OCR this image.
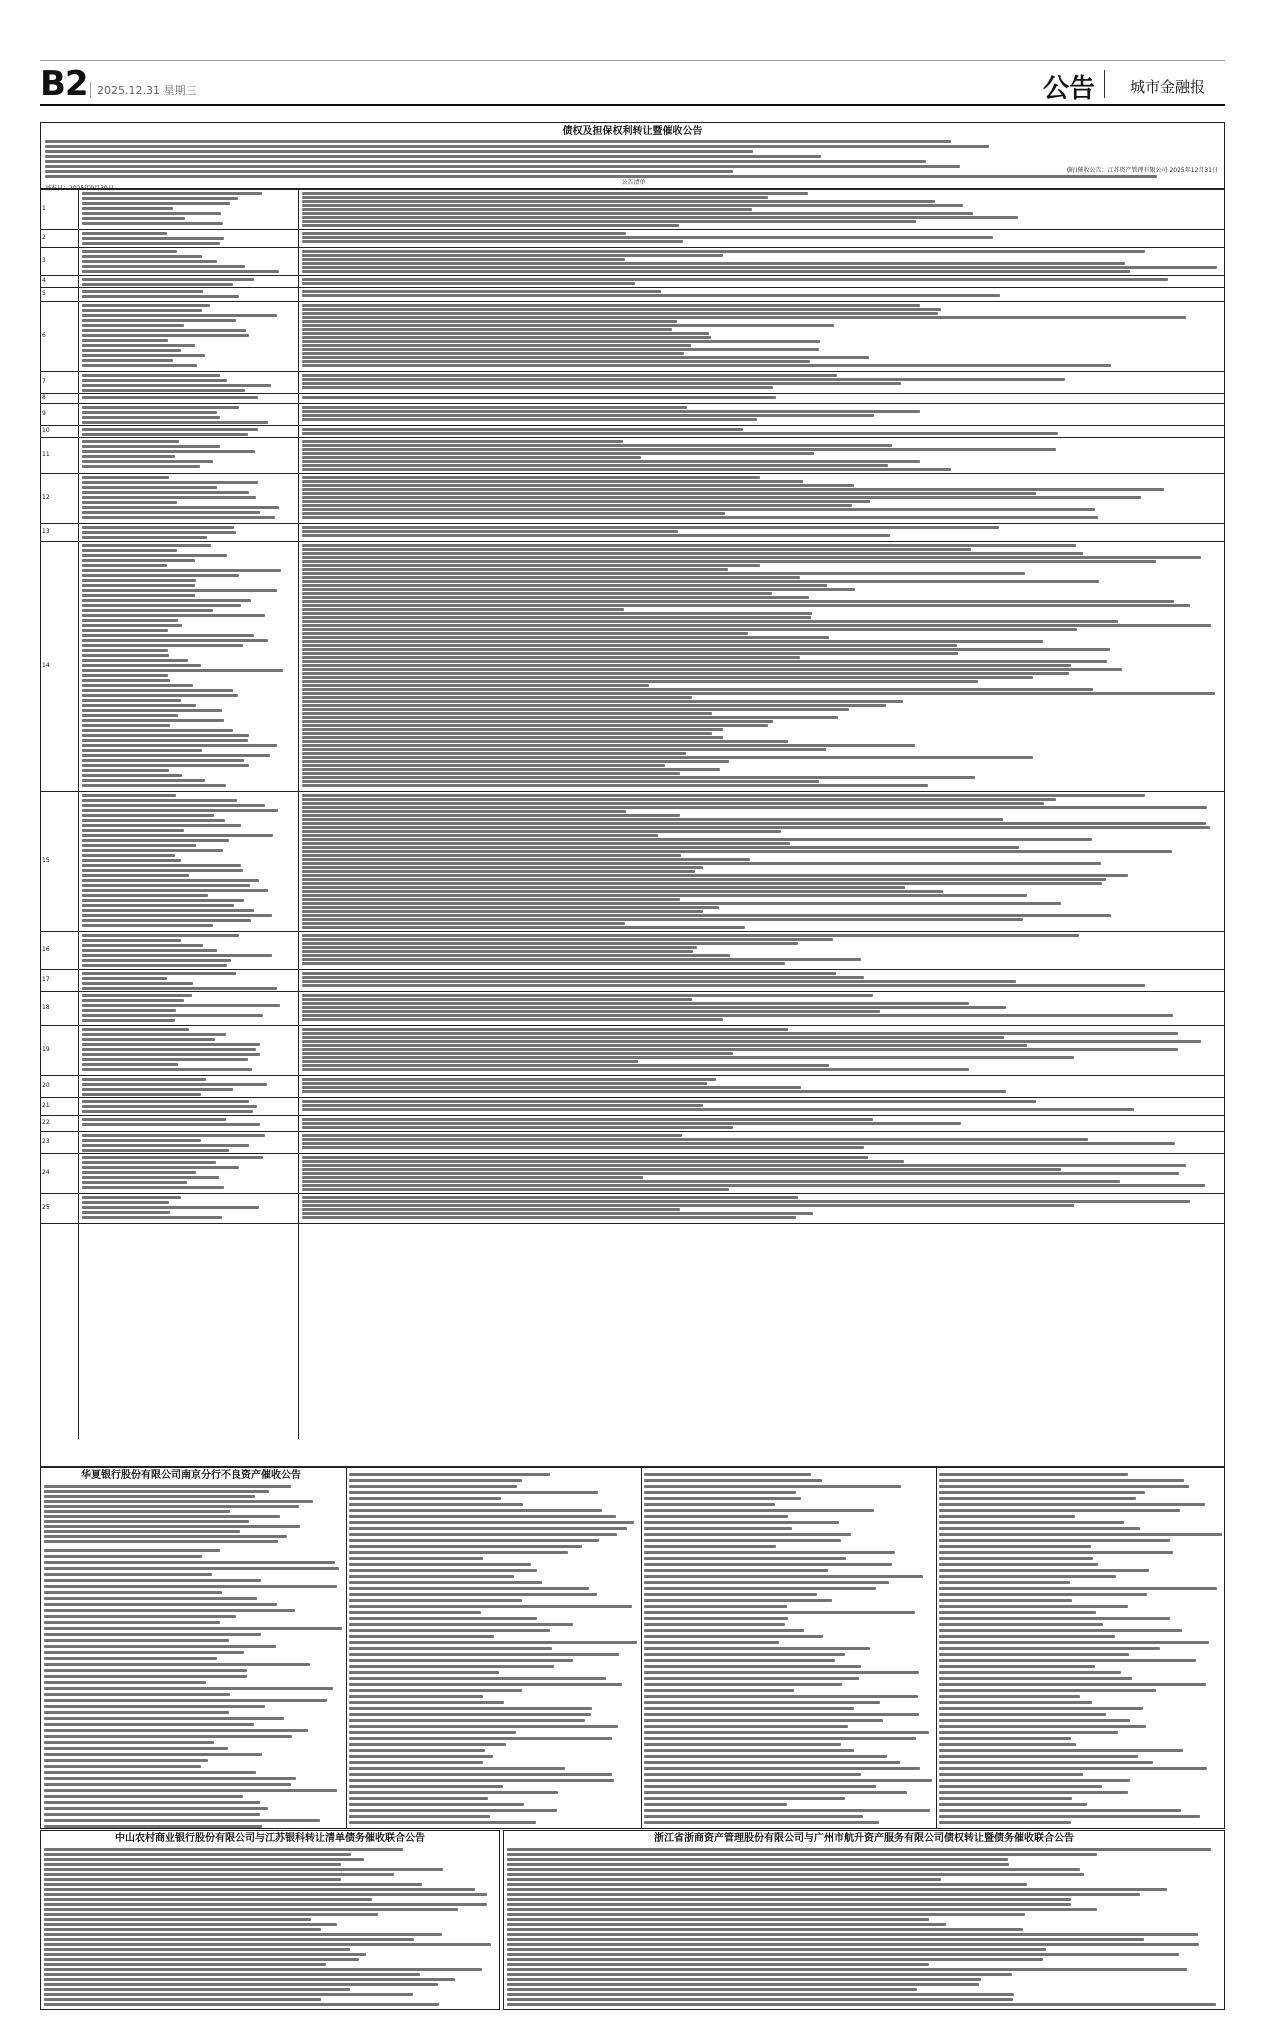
B2 2025.12.31 星期三	公告 城市金融报
债权及担保权利转让暨催收公告
(附)催收公告：江苏资产管理有限公司 2025年12月31日
公告清单
1
2
3
4
5
6
7
8
9
10
11
12
13
14
15
16
17
18
19
20
21
22
23
24
25
华夏银行股份有限公司南京分行不良资产催收公告
中山农村商业银行股份有限公司与江苏银科转让清单债务催收联合公告	浙江省浙商资产管理股份有限公司与广州市航升资产服务有限公司债权转让暨债务催收联合公告
